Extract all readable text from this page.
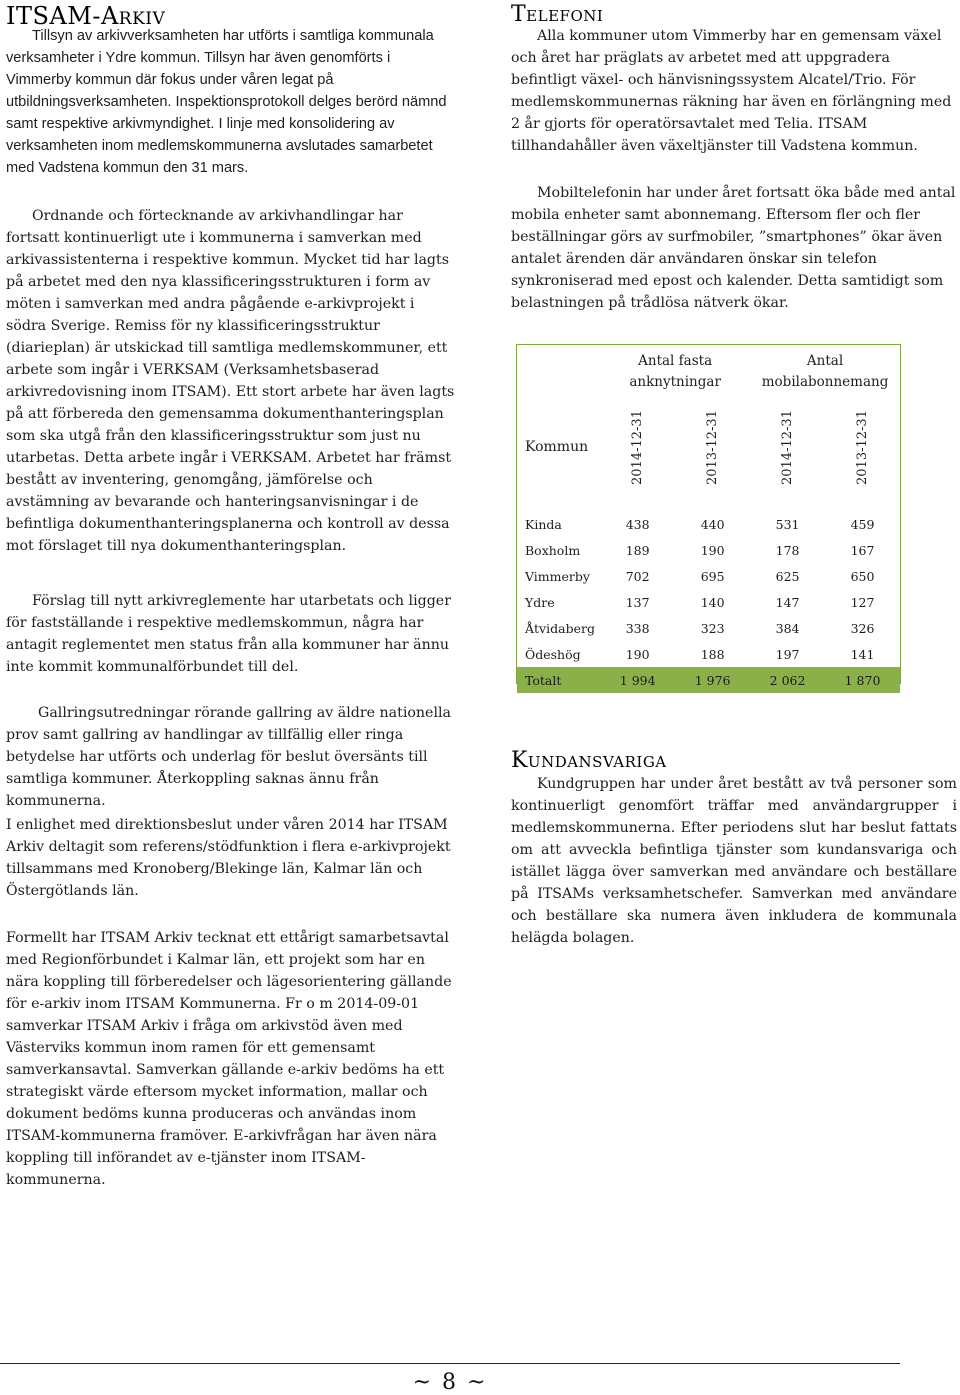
ITSAM-Arkiv

Tillsyn av arkivverksamheten har utförts i samtliga kommunala verksamheter i Ydre kommun. Tillsyn har även genomförts i Vimmerby kommun där fokus under våren legat på utbildningsverksamheten. Inspektionsprotokoll delges berörd nämnd samt respektive arkivmyndighet. I linje med konsolidering av verksamheten inom medlemskommunerna avslutades samarbetet med Vadstena kommun den 31 mars.

Ordnande och förtecknande av arkivhandlingar har fortsatt kontinuerligt ute i kommunerna i samverkan med arkivassistenterna i respektive kommun. Mycket tid har lagts på arbetet med den nya klassificeringsstrukturen i form av möten i samverkan med andra pågående e-arkivprojekt i södra Sverige. Remiss för ny klassificeringsstruktur (diarieplan) är utskickad till samtliga medlemskommuner, ett arbete som ingår i VERKSAM (Verksamhetsbaserad arkivredovisning inom ITSAM). Ett stort arbete har även lagts på att förbereda den gemensamma dokumenthanteringsplan som ska utgå från den klassificeringsstruktur som just nu utarbetas. Detta arbete ingår i VERKSAM. Arbetet har främst bestått av inventering, genomgång, jämförelse och avstämning av bevarande och hanteringsanvisningar i de befintliga dokumenthanteringsplanerna och kontroll av dessa mot förslaget till nya dokumenthanteringsplan.

Förslag till nytt arkivreglemente har utarbetats och ligger för fastställande i respektive medlemskommun, några har antagit reglementet men status från alla kommuner har ännu inte kommit kommunalförbundet till del.

Gallringsutredningar rörande gallring av äldre nationella prov samt gallring av handlingar av tillfällig eller ringa betydelse har utförts och underlag för beslut översänts till samtliga kommuner. Återkoppling saknas ännu från kommunerna.

I enlighet med direktionsbeslut under våren 2014 har ITSAM Arkiv deltagit som referens/stödfunktion i flera e-arkivprojekt tillsammans med Kronoberg/Blekinge län, Kalmar län och Östergötlands län.

Formellt har ITSAM Arkiv tecknat ett ettårigt samarbetsavtal med Regionförbundet i Kalmar län, ett projekt som har en nära koppling till förberedelser och lägesorientering gällande för e-arkiv inom ITSAM Kommunerna. Fr o m 2014-09-01 samverkar ITSAM Arkiv i fråga om arkivstöd även med Västerviks kommun inom ramen för ett gemensamt samverkansavtal. Samverkan gällande e-arkiv bedöms ha ett strategiskt värde eftersom mycket information, mallar och dokument bedöms kunna produceras och användas inom ITSAM-kommunerna framöver. E-arkivfrågan har även nära koppling till införandet av e-tjänster inom ITSAM-kommunerna.

Telefoni

Alla kommuner utom Vimmerby har en gemensam växel och året har präglats av arbetet med att uppgradera befintligt växel- och hänvisningssystem Alcatel/Trio. För medlemskommunernas räkning har även en förlängning med 2 år gjorts för operatörsavtalet med Telia. ITSAM tillhandahåller även växeltjänster till Vadstena kommun.

Mobiltelefonin har under året fortsatt öka både med antal mobila enheter samt abonnemang. Eftersom fler och fler beställningar görs av surfmobiler, ”smartphones” ökar även antalet ärenden där användaren önskar sin telefon synkroniserad med epost och kalender. Detta samtidigt som belastningen på trådlösa nätverk ökar.

	Antal fasta anknytningar		Antal mobilabonnemang	
Kommun	2014-12-31	2013-12-31	2014-12-31	2013-12-31

Kinda	438	440	531	459
Boxholm	189	190	178	167
Vimmerby	702	695	625	650
Ydre	137	140	147	127
Åtvidaberg	338	323	384	326
Ödeshög	190	188	197	141
Totalt	1 994	1 976	2 062	1 870
Kundansvariga

Kundgruppen har under året bestått av två personer som kontinuerligt genomfört träffar med användargrupper i medlemskommunerna. Efter periodens slut har beslut fattats om att avveckla befintliga tjänster som kundansvariga och istället lägga över samverkan med användare och beställare på ITSAMs verksamhetschefer. Samverkan med användare och beställare ska numera även inkludera de kommunala helägda bolagen.

~ 8 ~
